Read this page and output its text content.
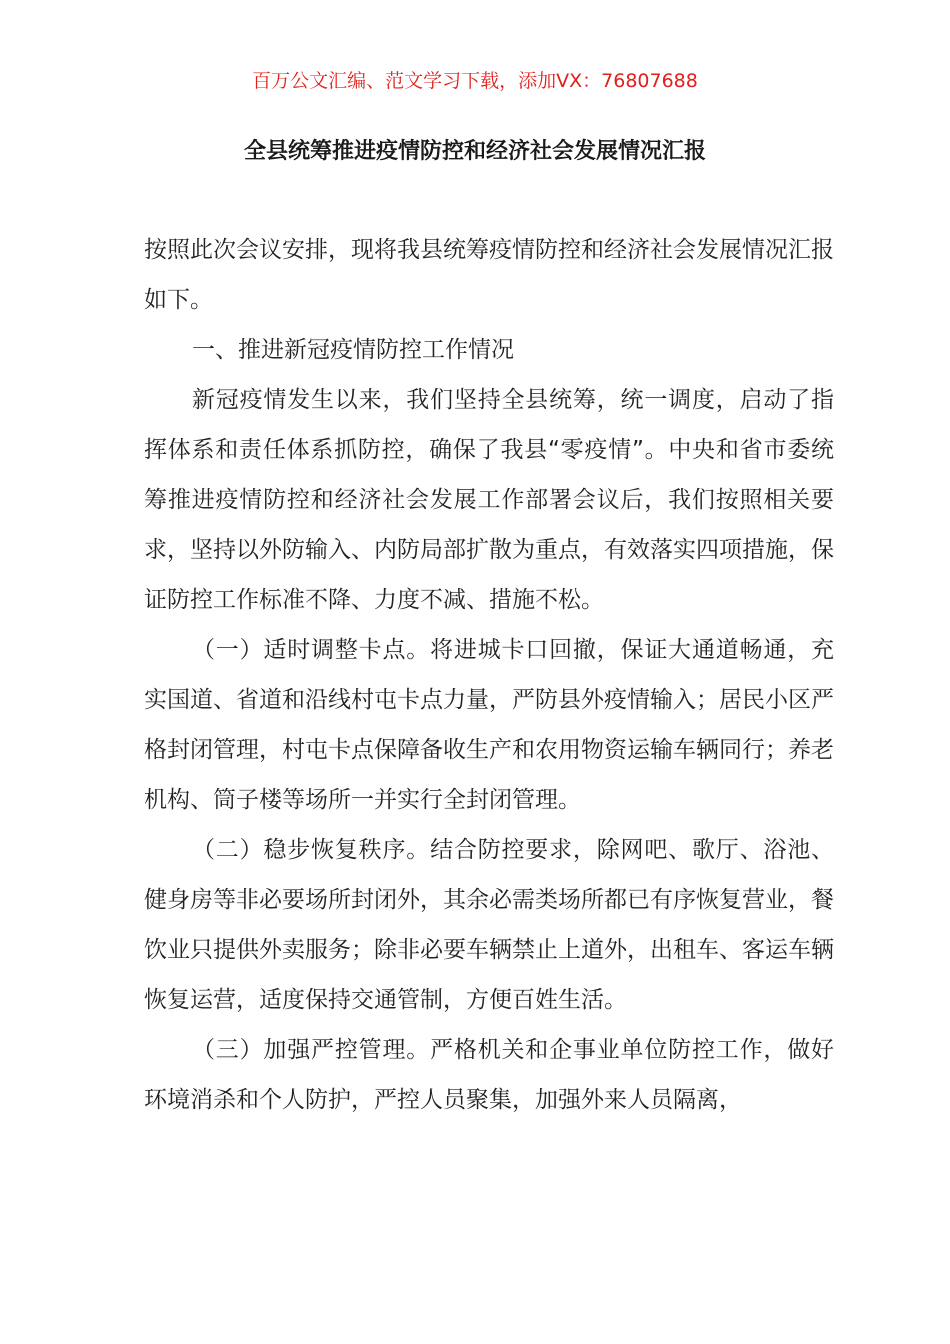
百万公文汇编、范文学习下载，添加VX：76807688
全县统筹推进疫情防控和经济社会发展情况汇报

按照此次会议安排，现将我县统筹疫情防控和经济社会发展情况汇报如下。

一、推进新冠疫情防控工作情况

新冠疫情发生以来，我们坚持全县统筹，统一调度，启动了指挥体系和责任体系抓防控，确保了我县“零疫情”。中央和省市委统筹推进疫情防控和经济社会发展工作部署会议后，我们按照相关要求，坚持以外防输入、内防局部扩散为重点，有效落实四项措施，保证防控工作标准不降、力度不减、措施不松。

（一）适时调整卡点。将进城卡口回撤，保证大通道畅通，充实国道、省道和沿线村屯卡点力量，严防县外疫情输入；居民小区严格封闭管理，村屯卡点保障备收生产和农用物资运输车辆同行；养老机构、筒子楼等场所一并实行全封闭管理。

（二）稳步恢复秩序。结合防控要求，除网吧、歌厅、浴池、健身房等非必要场所封闭外，其余必需类场所都已有序恢复营业，餐饮业只提供外卖服务；除非必要车辆禁止上道外，出租车、客运车辆恢复运营，适度保持交通管制，方便百姓生活。

（三）加强严控管理。严格机关和企事业单位防控工作，做好环境消杀和个人防护，严控人员聚集，加强外来人员隔离，
